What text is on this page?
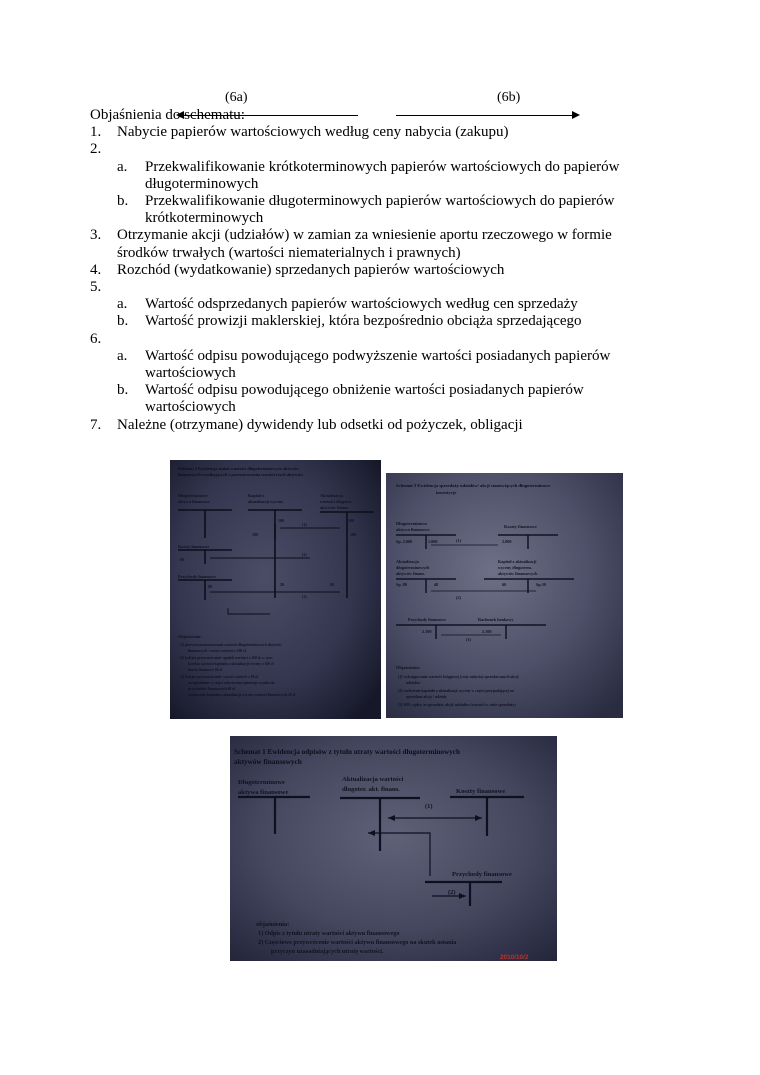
(6a)	(6b)
Objaśnienia do schematu:
1. Nabycie papierów wartościowych według ceny nabycia (zakupu)
2.

a. Przekwalifikowanie krótkoterminowych papierów wartościowych do papierów
długoterminowych
b. Przekwalifikowanie długoterminowych papierów wartościowych do papierów
krótkoterminowych
3. Otrzymanie akcji (udziałów) w zamian za wniesienie aportu rzeczowego w formie
środków trwałych (wartości niematerialnych i prawnych)
4. Rozchód (wydatkowanie) sprzedanych papierów wartościowych
5.

a. Wartość odsprzedanych papierów wartościowych według cen sprzedaży
b. Wartość prowizji maklerskiej, która bezpośrednio obciąża sprzedającego
6.

a. Wartość odpisu powodującego podwyższenie wartości posiadanych papierów
wartościowych
b. Wartość odpisu powodującego obniżenie wartości posiadanych papierów
wartościowych
7. Należne (otrzymane) dywidendy lub odsetki od pożyczek, obligacji
Schemat 2 Ewidencja zmian wartości długoterminowych aktywów
finansowych wynikających z przeszacowania wartości tych aktywów
Długoterminowe
aktywa finansowe
Kapitał z
aktualizacji wyceny
Aktualizacja
wartości długoter.
aktywów finans.
100	100
100	100
(1)
Koszty finansowe
(2)
60
Przychody finansowe
80	20	80
(3)
Objaśnienia:
(1) pierwsze przeszacowanie wartości długoterminowych aktywów
finansowych- wzrost wartości o 100 zł
(2) kolejne przeszacowanie- spadek wartości o 160 zł, w tym:
korekta wartości kapitału z aktualizacji wyceny o 100 zł
koszty finansowe 60 zł
(3) kolejne przeszacowanie- wzrost wartości o 80 zł
uwzględnienie w części odwrócenia ujemnego wyniku do
przychodów finansowych 60 zł
zwiększenie kapitału z aktualizacji wyceny wartości finansowych 20 zł
Schemat 3 Ewidencja sprzedaży udziałów/ akcji stanowiących długoterminowe
inwestycje
Długoterminowe
aktywa finansowe
Koszty finansowe
Sp. 2.000	1.000	(1)	2.000
Aktualizacja
długoterminowych
aktywów finans.
Kapitał z aktualizacji
wyceny długoterm.
aktywów finansowych
Sp. 80	40	60	Sp.50
(2)
Przychody finansowe	Rachunek bankowy
2.100	2.100
(3)
Objaśnienia:
(1) wyksięgowanie wartości księgowej (ceny nabycia) sprzedawanych akcji
udziałów
(2) rozliczenie kapitału z aktualizacji wyceny w części przypadającej na
sprzedane akcje / udziały
(3) WB: wpływ ze sprzedaży akcji/ udziałów (wartość w cenie sprzedaży)
Schemat 1 Ewidencja odpisów z tytułu utraty wartości długoterminowych
aktywów finansowych
Długoterminowe
aktywa finansowe
Aktualizacja wartości
długoter. akt. finans.	Koszty finansowe
(1)
Przychody finansowe
(2)
objaśnienia:
1) Odpis z tytułu utraty wartości aktywu finansowego
2) Częściowe przywrócenie wartości aktywu finansowego na skutek ustania
przyczyn uzasadniających utratę wartości.
2010/10/2
